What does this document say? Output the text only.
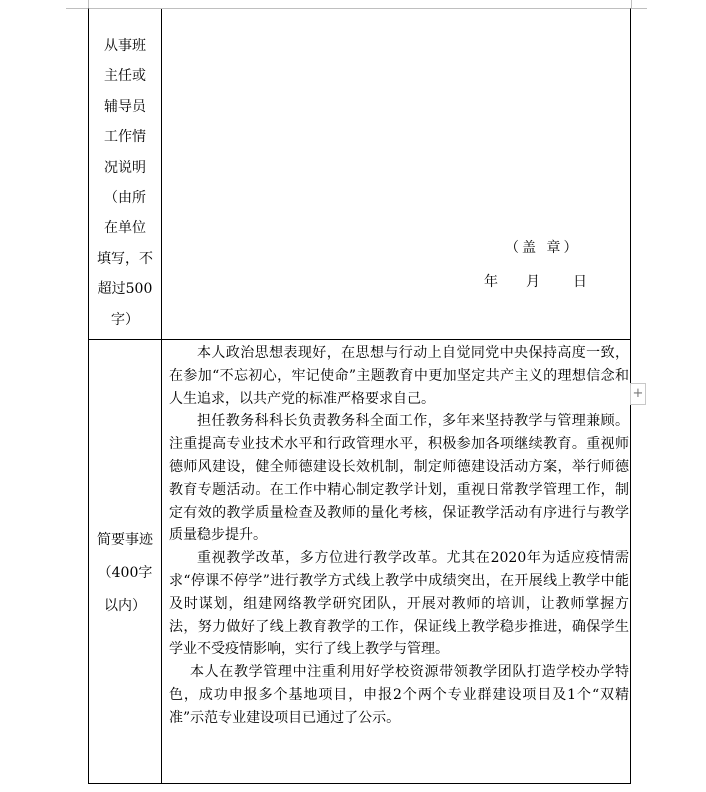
从事班
主任或
辅导员
工作情
况说明
（由所
在单位
填写，不
超过500
字）
（盖 章）
年 月 日
简要事迹
（400字
以内）

本人政治思想表现好，在思想与行动上自觉同党中央保持高度一致，在参加“不忘初心，牢记使命”主题教育中更加坚定共产主义的理想信念和人生追求，以共产党的标准严格要求自己。

担任教务科科长负责教务科全面工作，多年来坚持教学与管理兼顾。注重提高专业技术水平和行政管理水平，积极参加各项继续教育。重视师德师风建设，健全师德建设长效机制，制定师德建设活动方案，举行师德教育专题活动。在工作中精心制定教学计划，重视日常教学管理工作，制定有效的教学质量检查及教师的量化考核，保证教学活动有序进行与教学质量稳步提升。

重视教学改革，多方位进行教学改革。尤其在2020年为适应疫情需求“停课不停学”进行教学方式线上教学中成绩突出，在开展线上教学中能及时谋划，组建网络教学研究团队，开展对教师的培训，让教师掌握方法，努力做好了线上教育教学的工作，保证线上教学稳步推进，确保学生学业不受疫情影响，实行了线上教学与管理。

本人在教学管理中注重利用好学校资源带领教学团队打造学校办学特色，成功申报多个基地项目，申报2个两个专业群建设项目及1个“双精准”示范专业建设项目已通过了公示。

+
